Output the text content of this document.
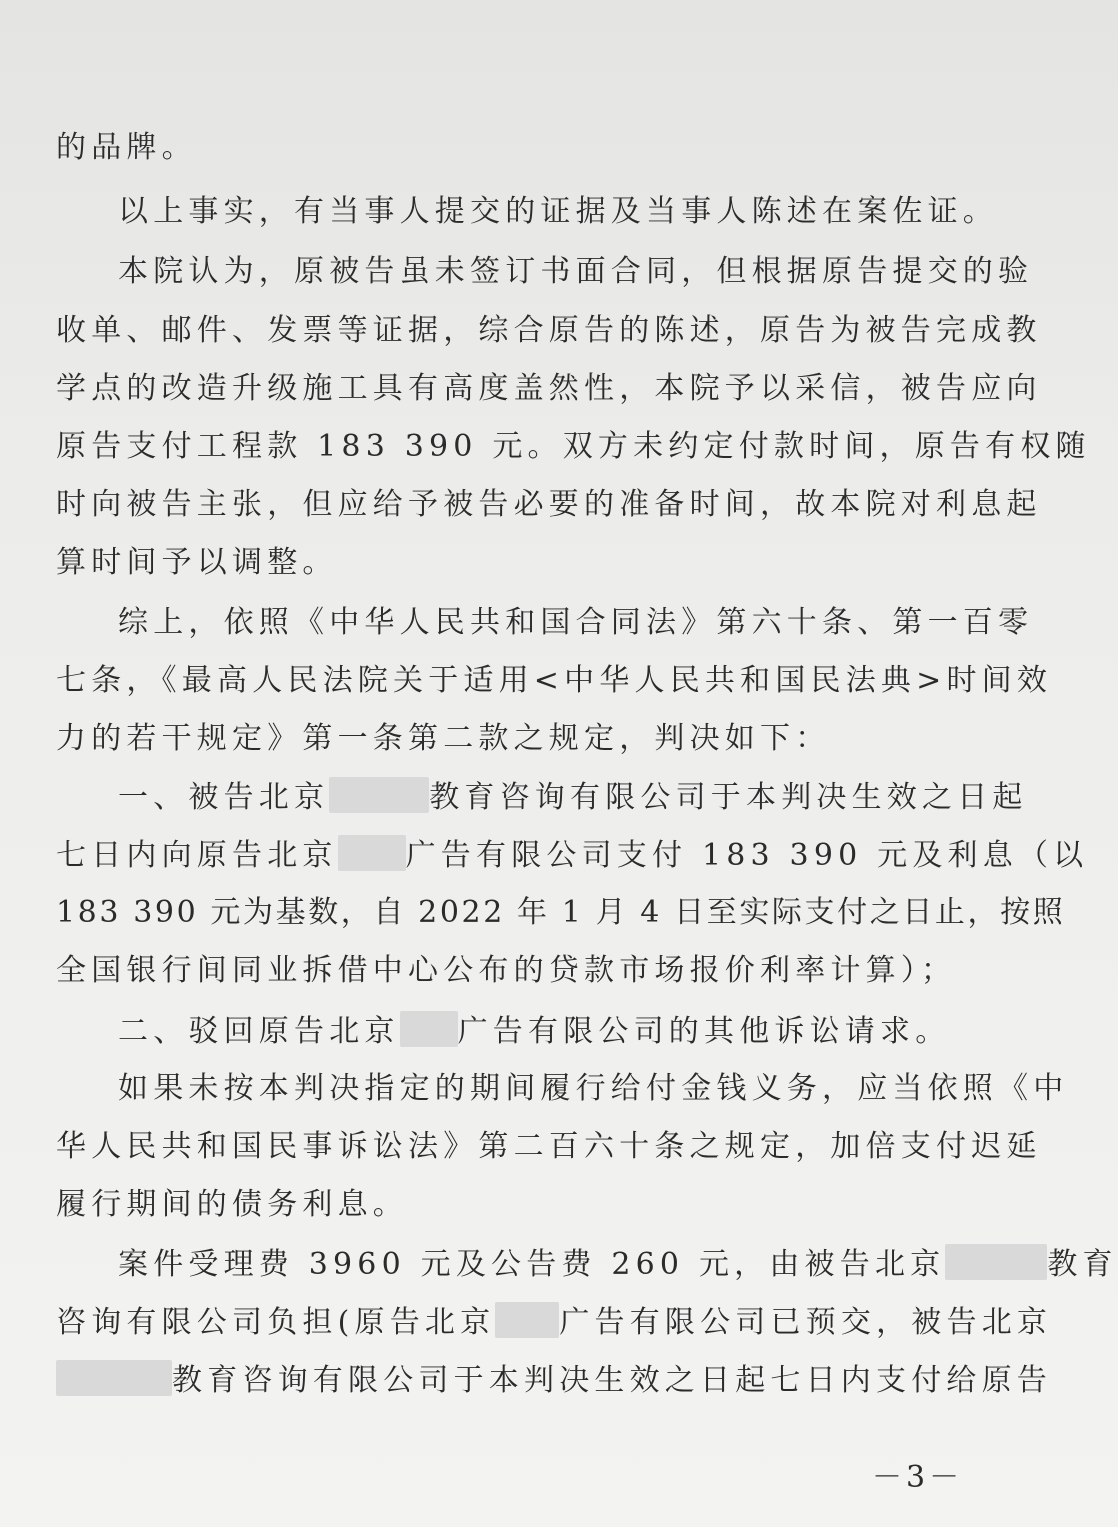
的品牌。
以上事实，有当事人提交的证据及当事人陈述在案佐证。
本院认为，原被告虽未签订书面合同，但根据原告提交的验
收单、邮件、发票等证据，综合原告的陈述，原告为被告完成教
学点的改造升级施工具有高度盖然性，本院予以采信，被告应向
原告支付工程款 183 390 元。双方未约定付款时间，原告有权随
时向被告主张，但应给予被告必要的准备时间，故本院对利息起
算时间予以调整。
综上，依照《中华人民共和国合同法》第六十条、第一百零
七条，《最高人民法院关于适用<中华人民共和国民法典>时间效
力的若干规定》第一条第二款之规定，判决如下：
一、被告北京	教育咨询有限公司于本判决生效之日起
七日内向原告北京 广告有限公司支付 183 390 元及利息（以
183 390 元为基数，自 2022 年 1 月 4 日至实际支付之日止，按照
全国银行间同业拆借中心公布的贷款市场报价利率计算）；
二、驳回原告北京 广告有限公司的其他诉讼请求。
如果未按本判决指定的期间履行给付金钱义务，应当依照《中
华人民共和国民事诉讼法》第二百六十条之规定，加倍支付迟延
履行期间的债务利息。
案件受理费 3960 元及公告费 260 元，由被告北京	教育
咨询有限公司负担(原告北京 广告有限公司已预交，被告北京
教育咨询有限公司于本判决生效之日起七日内支付给原告
－3－
